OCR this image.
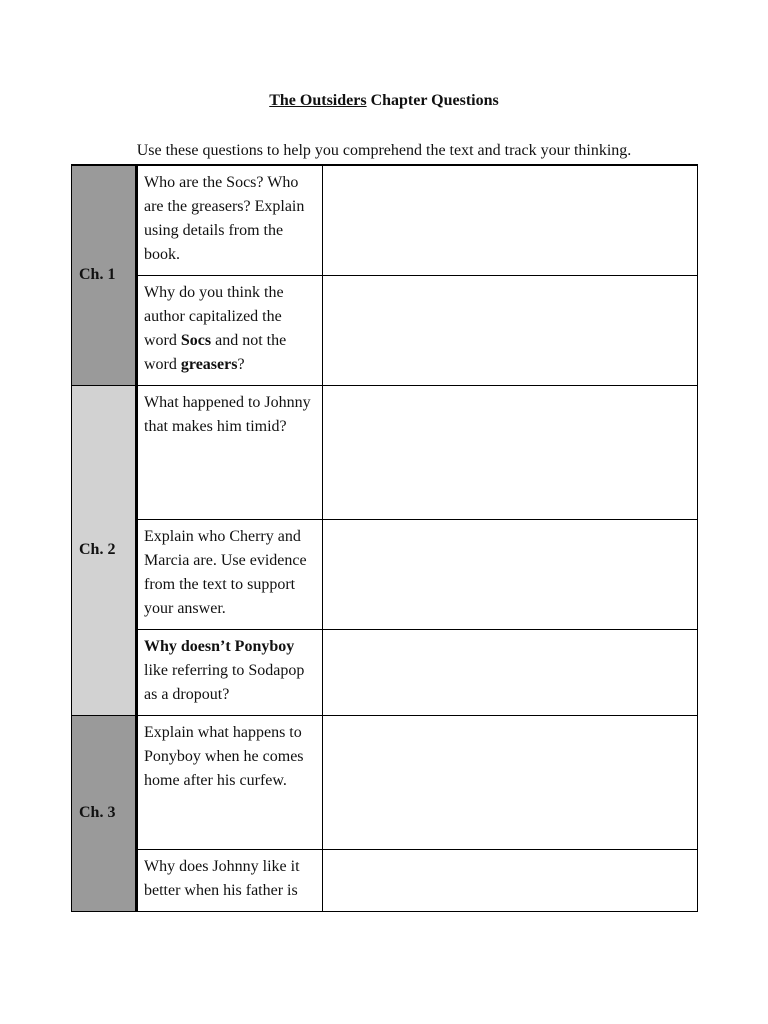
The Outsiders Chapter Questions
Use these questions to help you comprehend the text and track your thinking.
Ch. 1	Who are the Socs? Who are the greasers? Explain using details from the book.	
	Why do you think the author capitalized the word Socs and not the word greasers?	
Ch. 2	What happened to Johnny that makes him timid?	
	Explain who Cherry and Marcia are. Use evidence from the text to support your answer.	
	Why doesn’t Ponyboy like referring to Sodapop as a dropout?	
Ch. 3	Explain what happens to Ponyboy when he comes home after his curfew.	
	Why does Johnny like it better when his father is	
